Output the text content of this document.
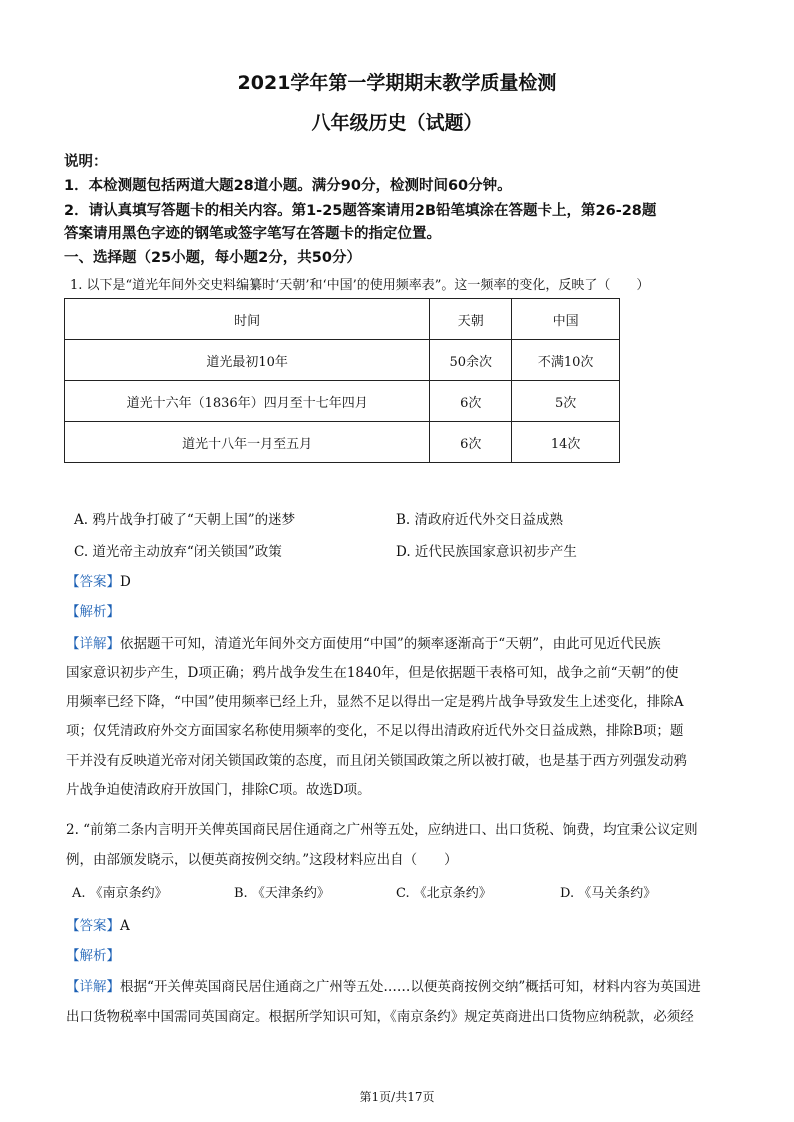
2021学年第一学期期末教学质量检测
八年级历史（试题）
说明：
1．本检测题包括两道大题28道小题。满分90分，检测时间60分钟。
2．请认真填写答题卡的相关内容。第1-25题答案请用2B铅笔填涂在答题卡上，第26-28题
答案请用黑色字迹的钢笔或签字笔写在答题卡的指定位置。
一、选择题（25小题，每小题2分，共50分）
1. 以下是“道光年间外交史料编纂时‘天朝’和‘中国’的使用频率表”。这一频率的变化，反映了（　　）
时间	天朝	中国
道光最初10年	50余次	不满10次
道光十六年（1836年）四月至十七年四月	6次	5次
道光十八年一月至五月	6次	14次
A. 鸦片战争打破了“天朝上国”的迷梦	B. 清政府近代外交日益成熟
C. 道光帝主动放弃“闭关锁国”政策	D. 近代民族国家意识初步产生
【答案】D
【解析】
【详解】依据题干可知，清道光年间外交方面使用“中国”的频率逐渐高于“天朝”，由此可见近代民族
国家意识初步产生，D项正确；鸦片战争发生在1840年，但是依据题干表格可知，战争之前“天朝”的使
用频率已经下降，“中国”使用频率已经上升，显然不足以得出一定是鸦片战争导致发生上述变化，排除A
项；仅凭清政府外交方面国家名称使用频率的变化，不足以得出清政府近代外交日益成熟，排除B项；题
干并没有反映道光帝对闭关锁国政策的态度，而且闭关锁国政策之所以被打破，也是基于西方列强发动鸦
片战争迫使清政府开放国门，排除C项。故选D项。
2. “前第二条内言明开关俾英国商民居住通商之广州等五处，应纳进口、出口货税、饷费，均宜秉公议定则
例，由部颁发晓示，以便英商按例交纳。”这段材料应出自（　　）
A. 《南京条约》	B. 《天津条约》	C. 《北京条约》	D. 《马关条约》
【答案】A
【解析】
【详解】根据“开关俾英国商民居住通商之广州等五处……以便英商按例交纳”概括可知，材料内容为英国进
出口货物税率中国需同英国商定。根据所学知识可知，《南京条约》规定英商进出口货物应纳税款，必须经
第1页/共17页
